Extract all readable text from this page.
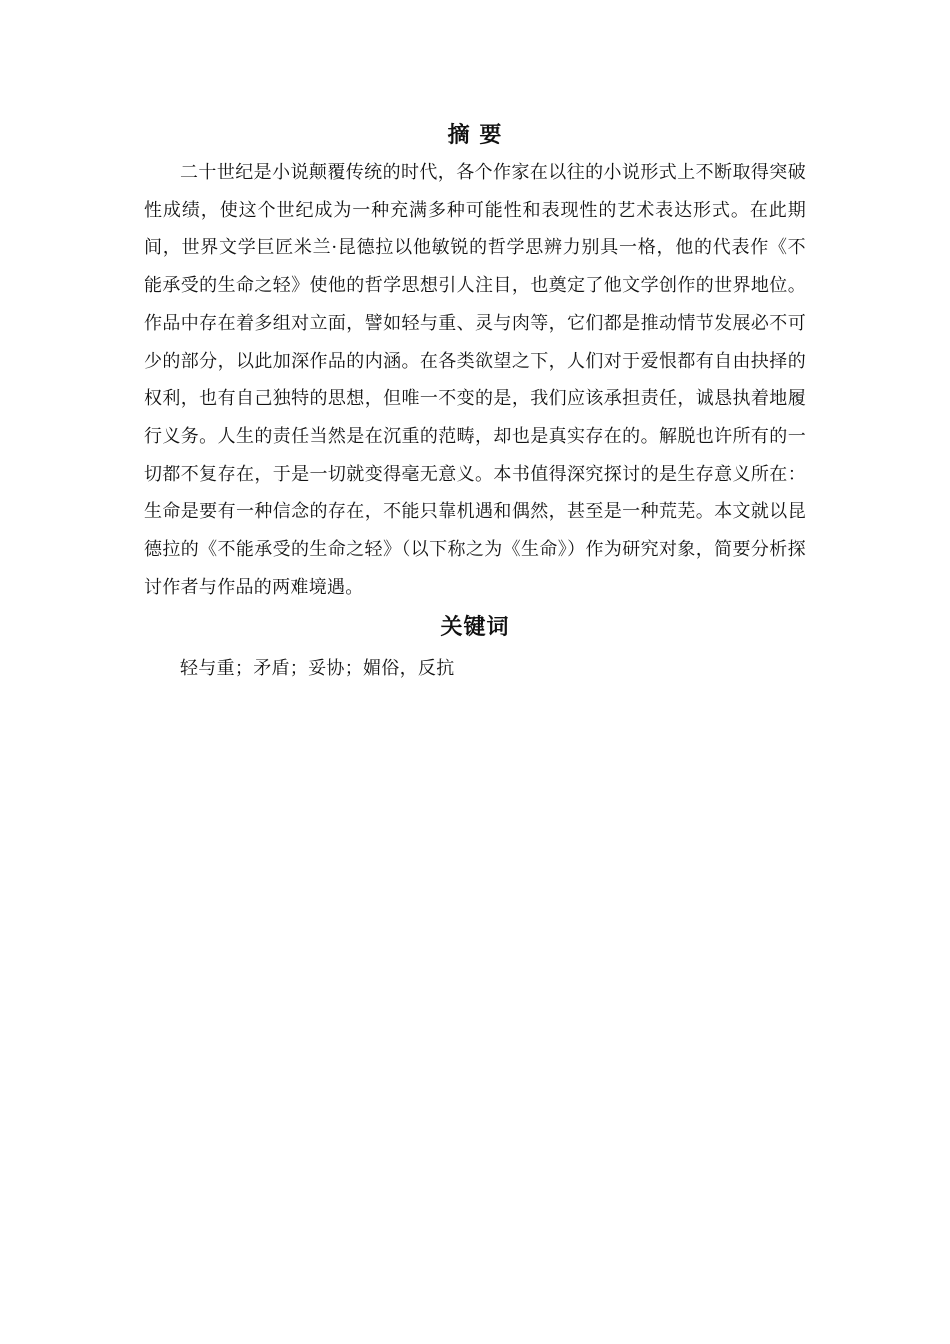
摘 要

二十世纪是小说颠覆传统的时代，各个作家在以往的小说形式上不断取得突破性成绩，使这个世纪成为一种充满多种可能性和表现性的艺术表达形式。在此期间，世界文学巨匠米兰·昆德拉以他敏锐的哲学思辨力别具一格，他的代表作《不能承受的生命之轻》使他的哲学思想引人注目，也奠定了他文学创作的世界地位。作品中存在着多组对立面，譬如轻与重、灵与肉等，它们都是推动情节发展必不可少的部分，以此加深作品的内涵。在各类欲望之下，人们对于爱恨都有自由抉择的权利，也有自己独特的思想，但唯一不变的是，我们应该承担责任，诚恳执着地履行义务。人生的责任当然是在沉重的范畴，却也是真实存在的。解脱也许所有的一切都不复存在，于是一切就变得毫无意义。本书值得深究探讨的是生存意义所在：生命是要有一种信念的存在，不能只靠机遇和偶然，甚至是一种荒芜。本文就以昆德拉的《不能承受的生命之轻》（以下称之为《生命》）作为研究对象，简要分析探讨作者与作品的两难境遇。

关键词

轻与重；矛盾；妥协；媚俗，反抗
